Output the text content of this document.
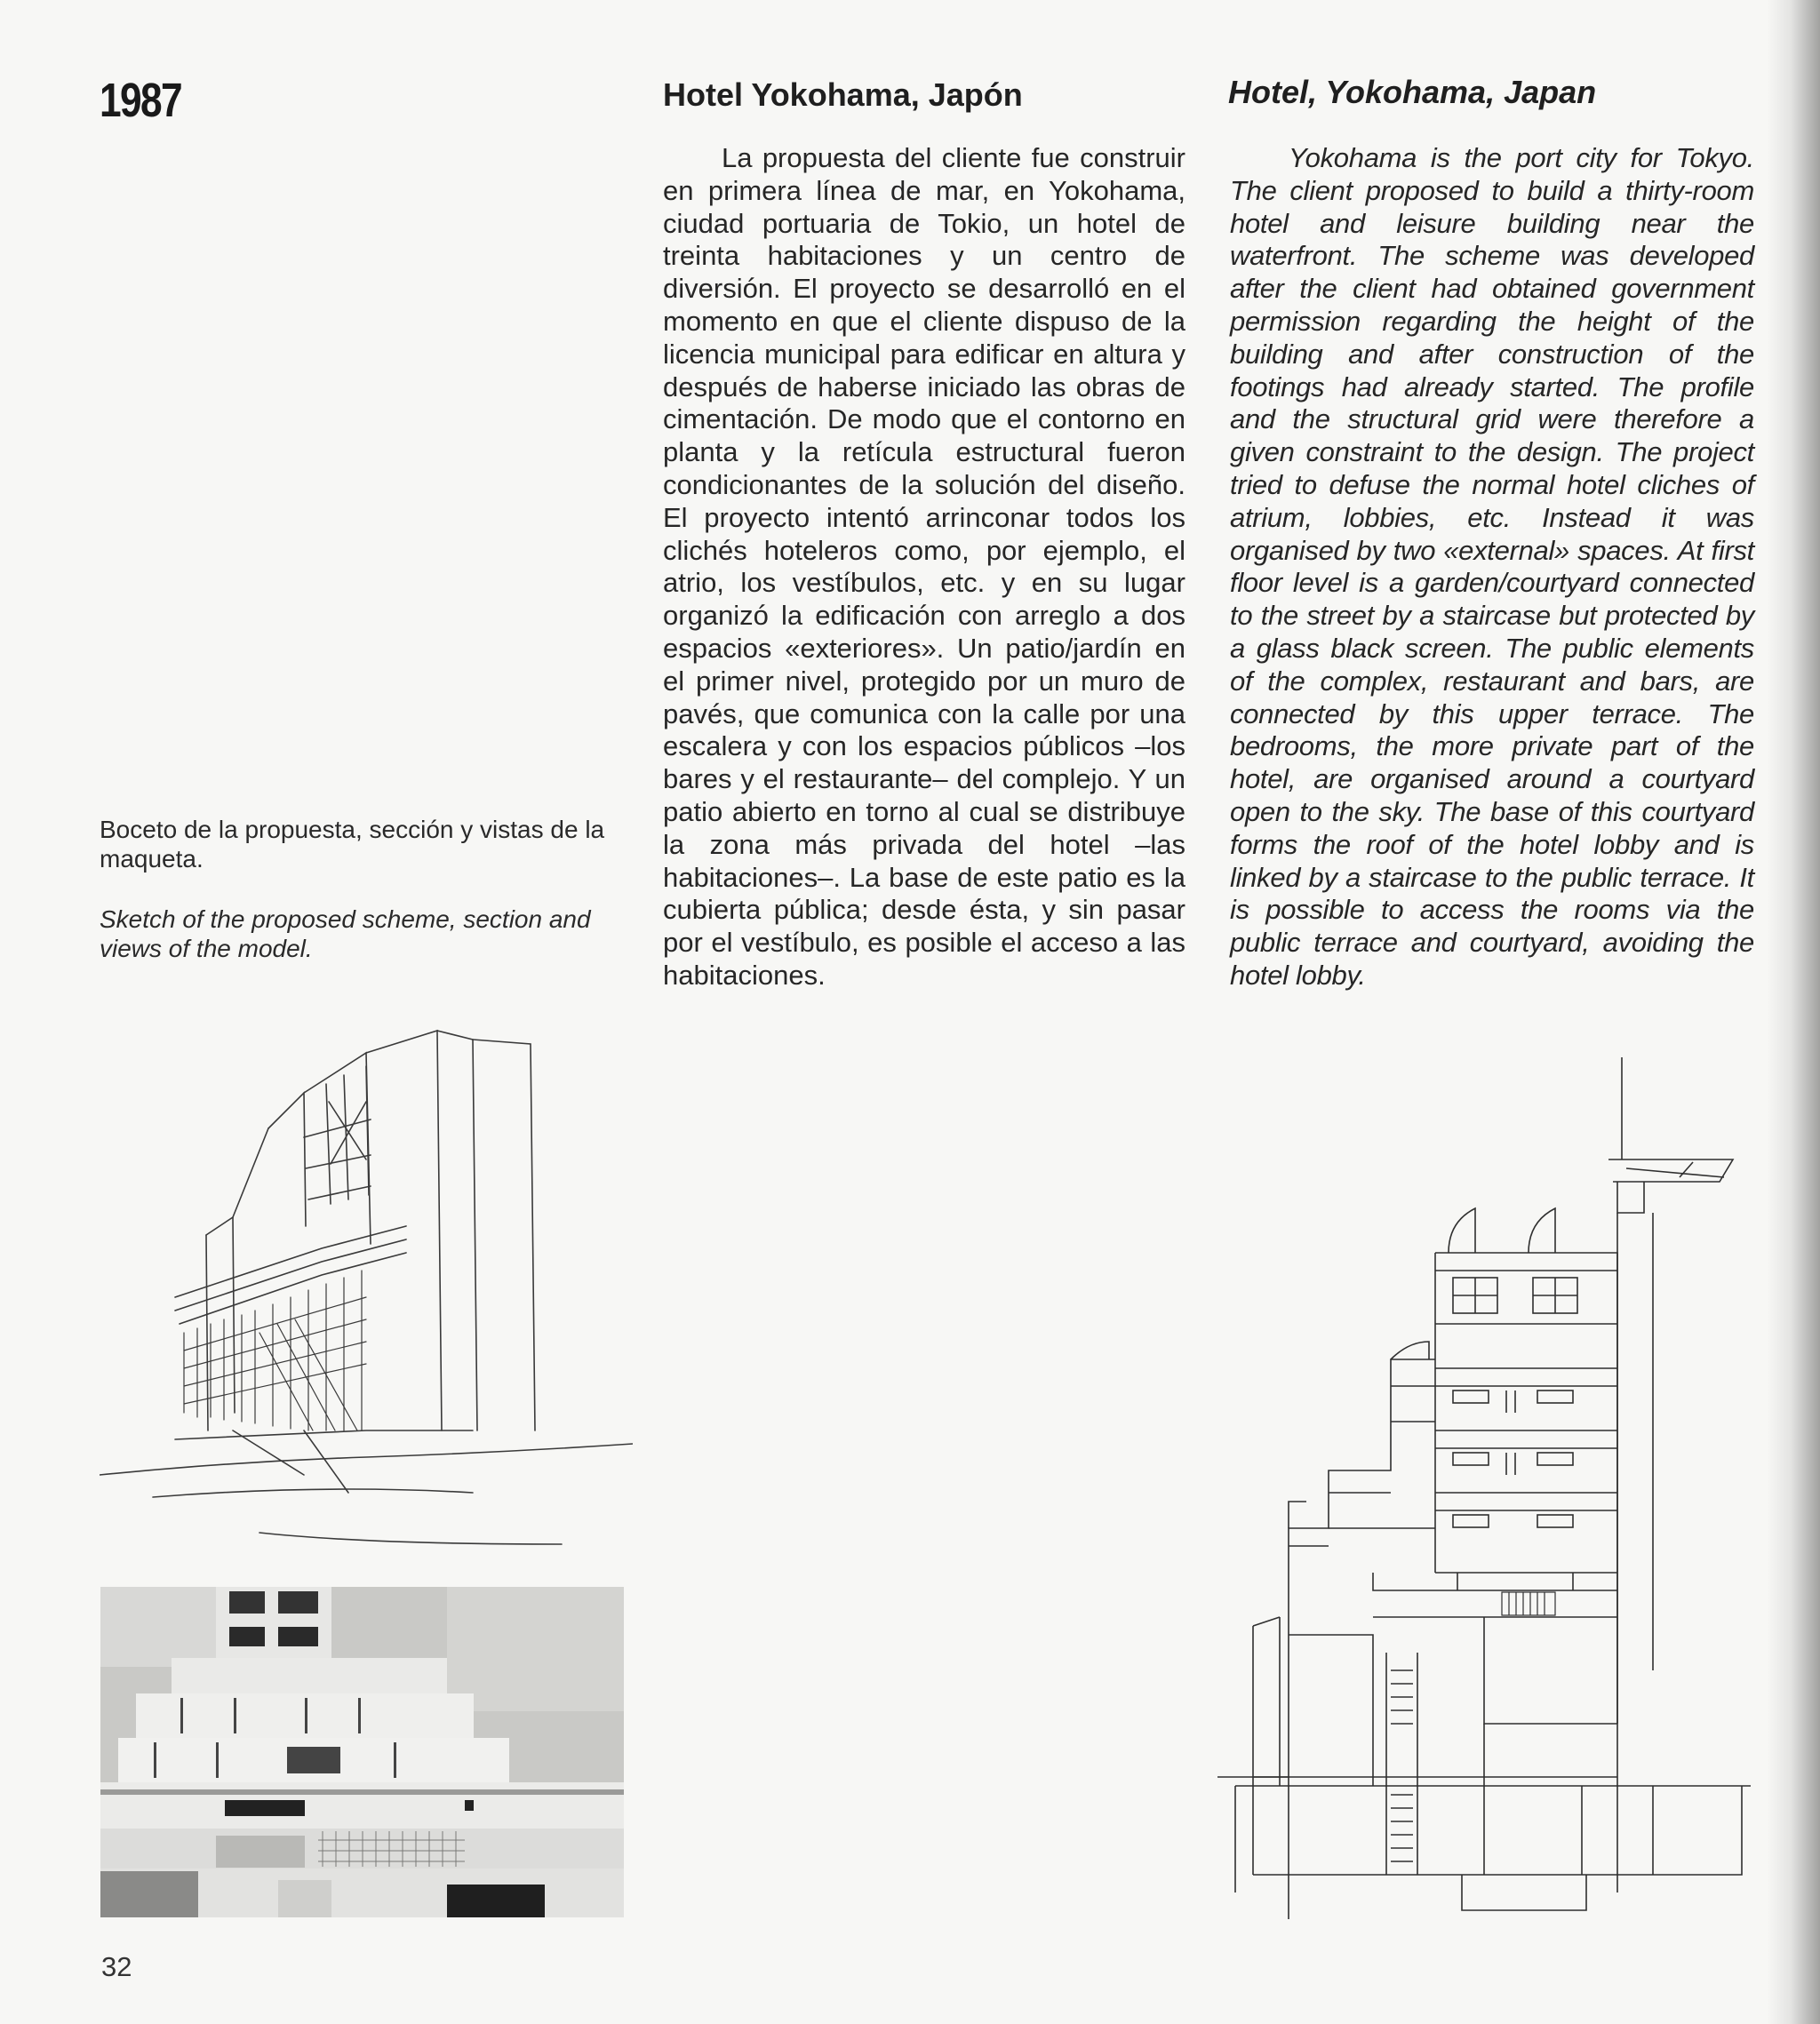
1987	Hotel Yokohama, Japón	Hotel, Yokohama, Japan

La propuesta del cliente fue construir en primera línea de mar, en Yokohama, ciudad portuaria de Tokio, un hotel de treinta habitaciones y un centro de diversión. El proyecto se desarrolló en el momento en que el cliente dispuso de la licencia municipal para edificar en altura y después de haberse iniciado las obras de cimentación. De modo que el contorno en planta y la retícula estructural fueron condicionantes de la solución del diseño. El proyecto intentó arrinconar todos los clichés hoteleros como, por ejemplo, el atrio, los vestíbulos, etc. y en su lugar organizó la edificación con arreglo a dos espacios «exteriores». Un patio/jardín en el primer nivel, protegido por un muro de pavés, que comunica con la calle por una escalera y con los espacios públicos –los bares y el restaurante– del complejo. Y un patio abierto en torno al cual se distribuye la zona más privada del hotel –las habitaciones–. La base de este patio es la cubierta pública; desde ésta, y sin pasar por el vestíbulo, es posible el acceso a las habitaciones.

Yokohama is the port city for Tokyo. The client proposed to build a thirty-room hotel and leisure building near the waterfront. The scheme was developed after the client had obtained government permission regarding the height of the building and after construction of the footings had already started. The profile and the structural grid were therefore a given constraint to the design. The project tried to defuse the normal hotel cliches of atrium, lobbies, etc. Instead it was organised by two «external» spaces. At first floor level is a garden/courtyard connected to the street by a staircase but protected by a glass black screen. The public elements of the complex, restaurant and bars, are connected by this upper terrace. The bedrooms, the more private part of the hotel, are organised around a courtyard open to the sky. The base of this courtyard forms the roof of the hotel lobby and is linked by a staircase to the public terrace. It is possible to access the rooms via the public terrace and courtyard, avoiding the hotel lobby.

Boceto de la propuesta, sección y vistas de la maqueta.

Sketch of the proposed scheme, section and views of the model.

32
